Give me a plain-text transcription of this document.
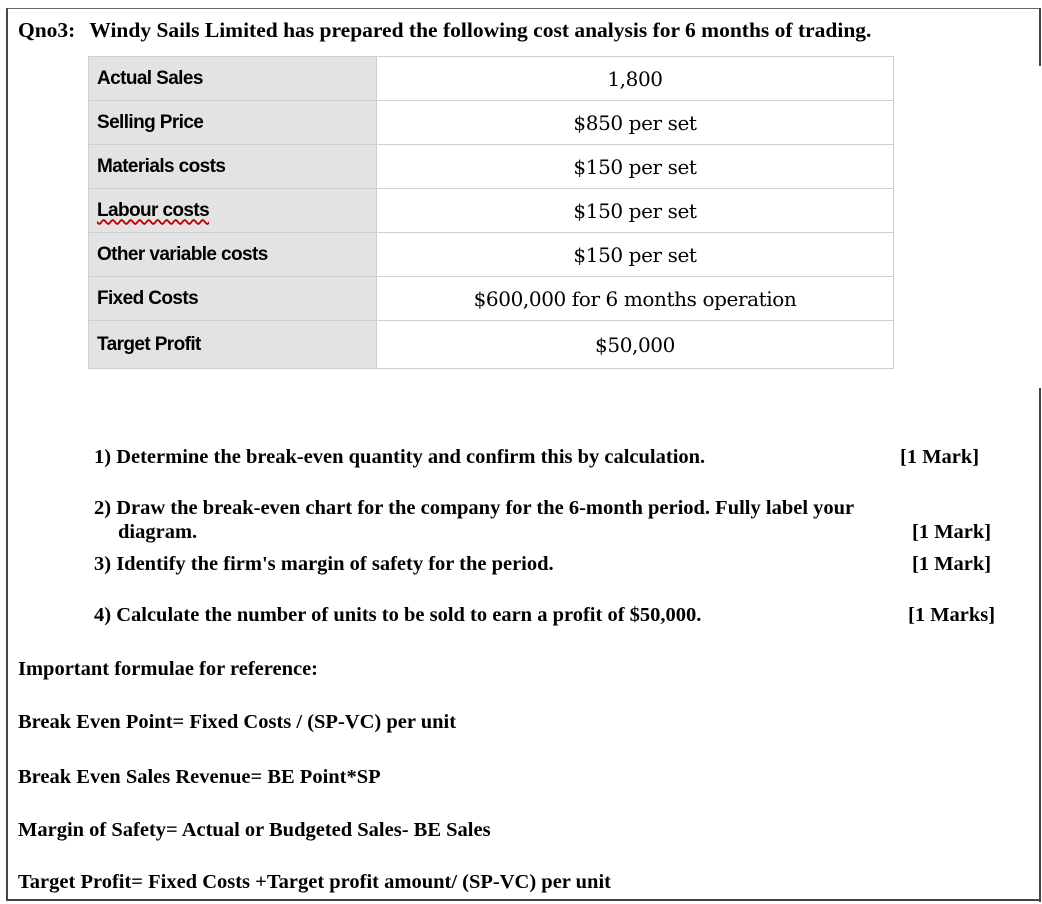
Qno3: Windy Sails Limited has prepared the following cost analysis for 6 months of trading.
Actual Sales	1,800
Selling Price	$850 per set
Materials costs	$150 per set
Labour costs	$150 per set
Other variable costs	$150 per set
Fixed Costs	$600,000 for 6 months operation
Target Profit	$50,000
1) Determine the break-even quantity and confirm this by calculation.	[1 Mark]
2) Draw the break-even chart for the company for the 6-month period. Fully label your
diagram.	[1 Mark]
3) Identify the firm's margin of safety for the period.	[1 Mark]
4) Calculate the number of units to be sold to earn a profit of $50,000.	[1 Marks]
Important formulae for reference:
Break Even Point= Fixed Costs / (SP-VC) per unit
Break Even Sales Revenue= BE Point*SP
Margin of Safety= Actual or Budgeted Sales- BE Sales
Target Profit= Fixed Costs +Target profit amount/ (SP-VC) per unit
